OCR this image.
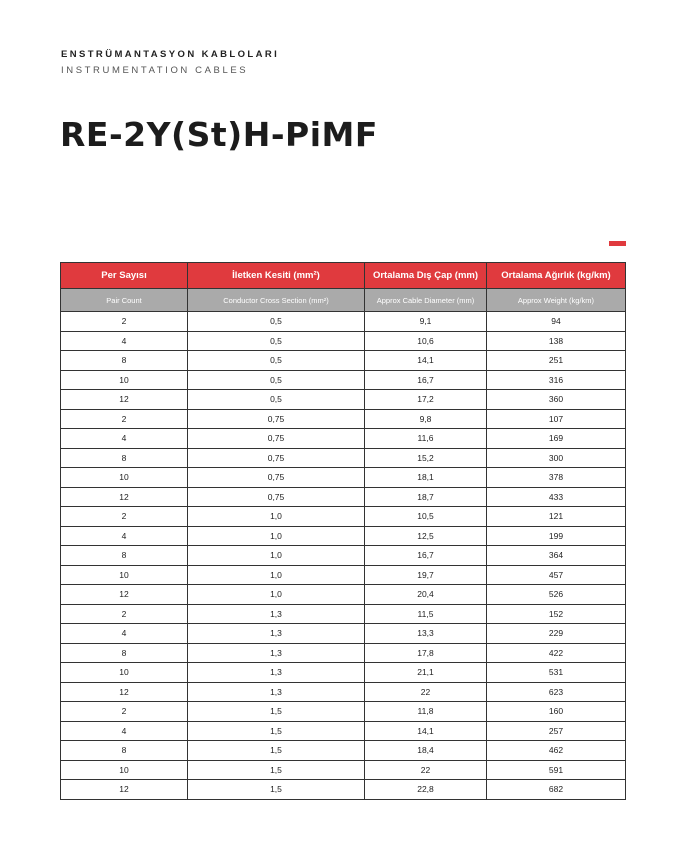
ENSTRÜMANTASYON KABLOLARI
INSTRUMENTATION CABLES
RE-2Y(St)H-PiMF
Per Sayısı	İletken Kesiti (mm²)	Ortalama Dış Çap (mm)	Ortalama Ağırlık (kg/km)
Pair Count	Conductor Cross Section (mm²)	Approx Cable Diameter (mm)	Approx Weight (kg/km)
2	0,5	9,1	94
4	0,5	10,6	138
8	0,5	14,1	251
10	0,5	16,7	316
12	0,5	17,2	360
2	0,75	9,8	107
4	0,75	11,6	169
8	0,75	15,2	300
10	0,75	18,1	378
12	0,75	18,7	433
2	1,0	10,5	121
4	1,0	12,5	199
8	1,0	16,7	364
10	1,0	19,7	457
12	1,0	20,4	526
2	1,3	11,5	152
4	1,3	13,3	229
8	1,3	17,8	422
10	1,3	21,1	531
12	1,3	22	623
2	1,5	11,8	160
4	1,5	14,1	257
8	1,5	18,4	462
10	1,5	22	591
12	1,5	22,8	682
